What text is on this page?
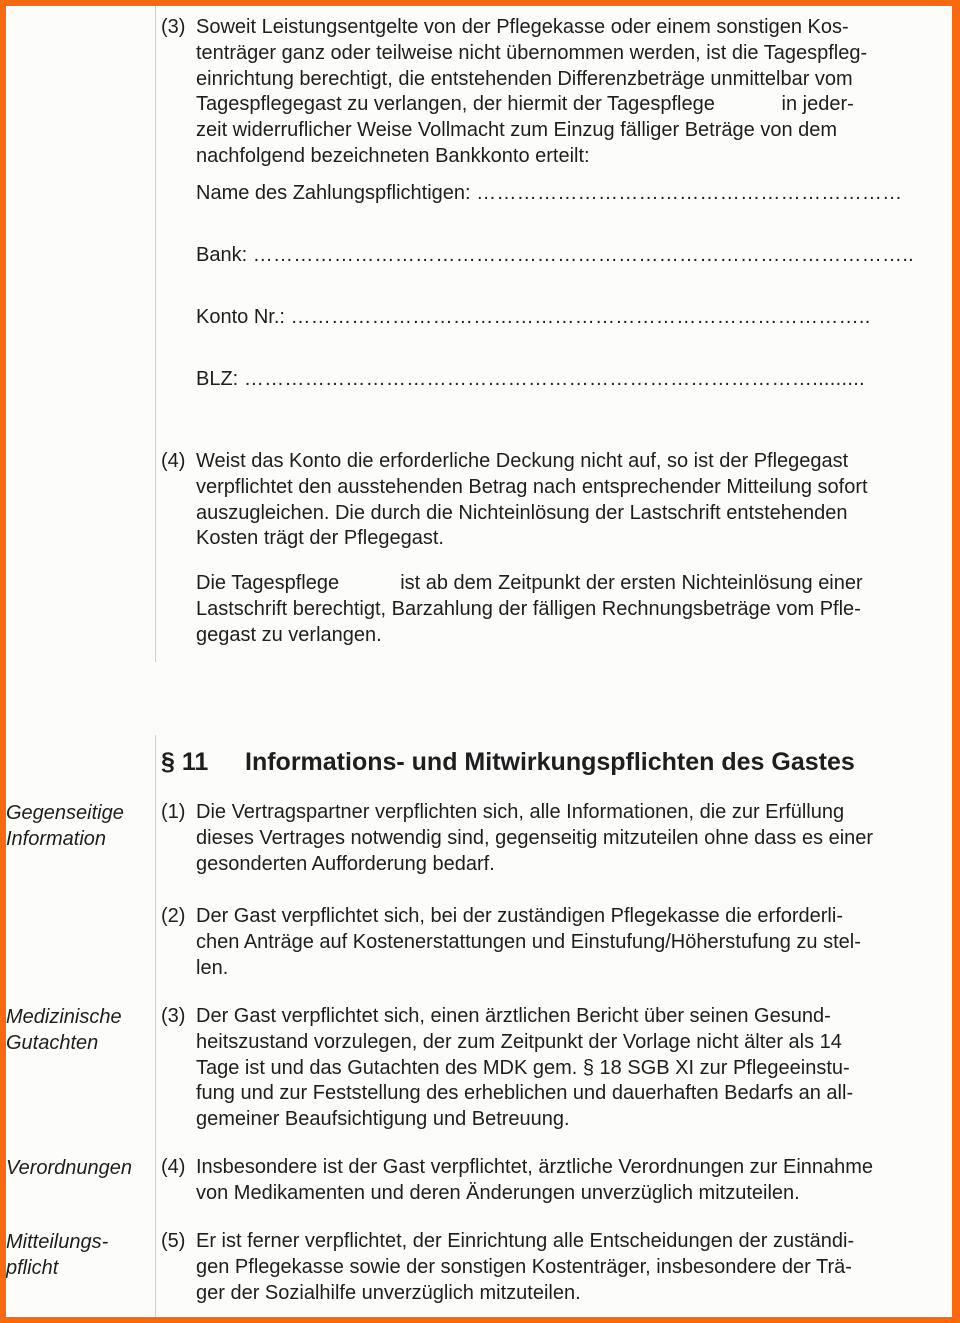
(3) Soweit Leistungsentgelte von der Pflegekasse oder einem sonstigen Kos-
tenträger ganz oder teilweise nicht übernommen werden, ist die Tagespfleg-
einrichtung berechtigt, die entstehenden Differenzbeträge unmittelbar vom
Tagespflegegast zu verlangen, der hiermit der Tagespflege            in jeder-
zeit widerruflicher Weise Vollmacht zum Einzug fälliger Beträge von dem
nachfolgend bezeichneten Bankkonto erteilt:
Name des Zahlungspflichtigen: ………………………………………………………
Bank: ……………………………………………………………………………………..
Konto Nr.: …………………………………………………………………………..
BLZ: ………………………………………………………………………….........
(4) Weist das Konto die erforderliche Deckung nicht auf, so ist der Pflegegast
verpflichtet den ausstehenden Betrag nach entsprechender Mitteilung sofort
auszugleichen. Die durch die Nichteinlösung der Lastschrift entstehenden
Kosten trägt der Pflegegast.
Die Tagespflege           ist ab dem Zeitpunkt der ersten Nichteinlösung einer
Lastschrift berechtigt, Barzahlung der fälligen Rechnungsbeträge vom Pfle-
gegast zu verlangen.
§ 11 Informations- und Mitwirkungspflichten des Gastes
Gegenseitige
Information
Medizinische
Gutachten
Verordnungen
Mitteilungs-
pflicht
(1) Die Vertragspartner verpflichten sich, alle Informationen, die zur Erfüllung
dieses Vertrages notwendig sind, gegenseitig mitzuteilen ohne dass es einer
gesonderten Aufforderung bedarf.
(2) Der Gast verpflichtet sich, bei der zuständigen Pflegekasse die erforderli-
chen Anträge auf Kostenerstattungen und Einstufung/Höherstufung zu stel-
len.
(3) Der Gast verpflichtet sich, einen ärztlichen Bericht über seinen Gesund-
heitszustand vorzulegen, der zum Zeitpunkt der Vorlage nicht älter als 14
Tage ist und das Gutachten des MDK gem. § 18 SGB XI zur Pflegeeinstu-
fung und zur Feststellung des erheblichen und dauerhaften Bedarfs an all-
gemeiner Beaufsichtigung und Betreuung.
(4) Insbesondere ist der Gast verpflichtet, ärztliche Verordnungen zur Einnahme
von Medikamenten und deren Änderungen unverzüglich mitzuteilen.
(5) Er ist ferner verpflichtet, der Einrichtung alle Entscheidungen der zuständi-
gen Pflegekasse sowie der sonstigen Kostenträger, insbesondere der Trä-
ger der Sozialhilfe unverzüglich mitzuteilen.
